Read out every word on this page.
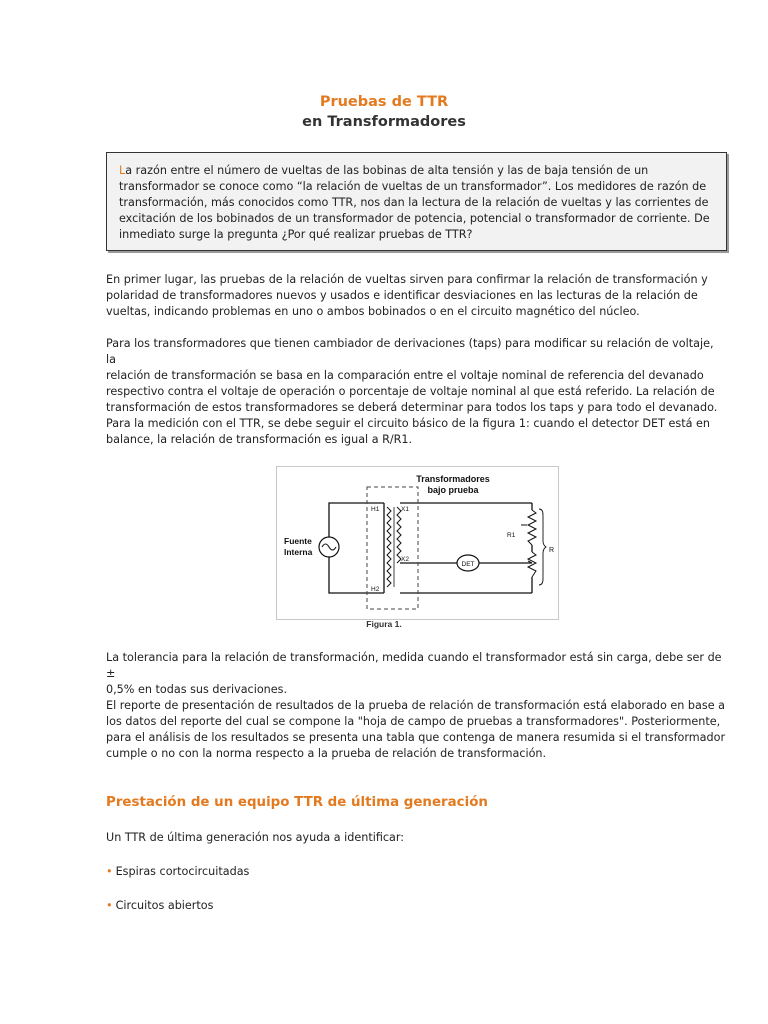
Pruebas de TTR
en Transformadores

La razón entre el número de vueltas de las bobinas de alta tensión y las de baja tensión de un
transformador se conoce como “la relación de vueltas de un transformador”. Los medidores de razón de
transformación, más conocidos como TTR, nos dan la lectura de la relación de vueltas y las corrientes de
excitación de los bobinados de un transformador de potencia, potencial o transformador de corriente. De
inmediato surge la pregunta ¿Por qué realizar pruebas de TTR?

En primer lugar, las pruebas de la relación de vueltas sirven para confirmar la relación de transformación y
polaridad de transformadores nuevos y usados e identificar desviaciones en las lecturas de la relación de
vueltas, indicando problemas en uno o ambos bobinados o en el circuito magnético del núcleo.

Para los transformadores que tienen cambiador de derivaciones (taps) para modificar su relación de voltaje, la
relación de transformación se basa en la comparación entre el voltaje nominal de referencia del devanado
respectivo contra el voltaje de operación o porcentaje de voltaje nominal al que está referido. La relación de
transformación de estos transformadores se deberá determinar para todos los taps y para todo el devanado.

Para la medición con el TTR, se debe seguir el circuito básico de la figura 1: cuando el detector DET está en
balance, la relación de transformación es igual a R/R1.

Transformadores
bajo prueba
Fuente
Interna
H1	X1
X2
H2
DET
R1
R
Figura 1.

La tolerancia para la relación de transformación, medida cuando el transformador está sin carga, debe ser de ±
0,5% en todas sus derivaciones.

El reporte de presentación de resultados de la prueba de relación de transformación está elaborado en base a
los datos del reporte del cual se compone la "hoja de campo de pruebas a transformadores". Posteriormente,
para el análisis de los resultados se presenta una tabla que contenga de manera resumida si el transformador
cumple o no con la norma respecto a la prueba de relación de transformación.

Prestación de un equipo TTR de última generación

Un TTR de última generación nos ayuda a identificar:

• Espiras cortocircuitadas
• Circuitos abiertos
